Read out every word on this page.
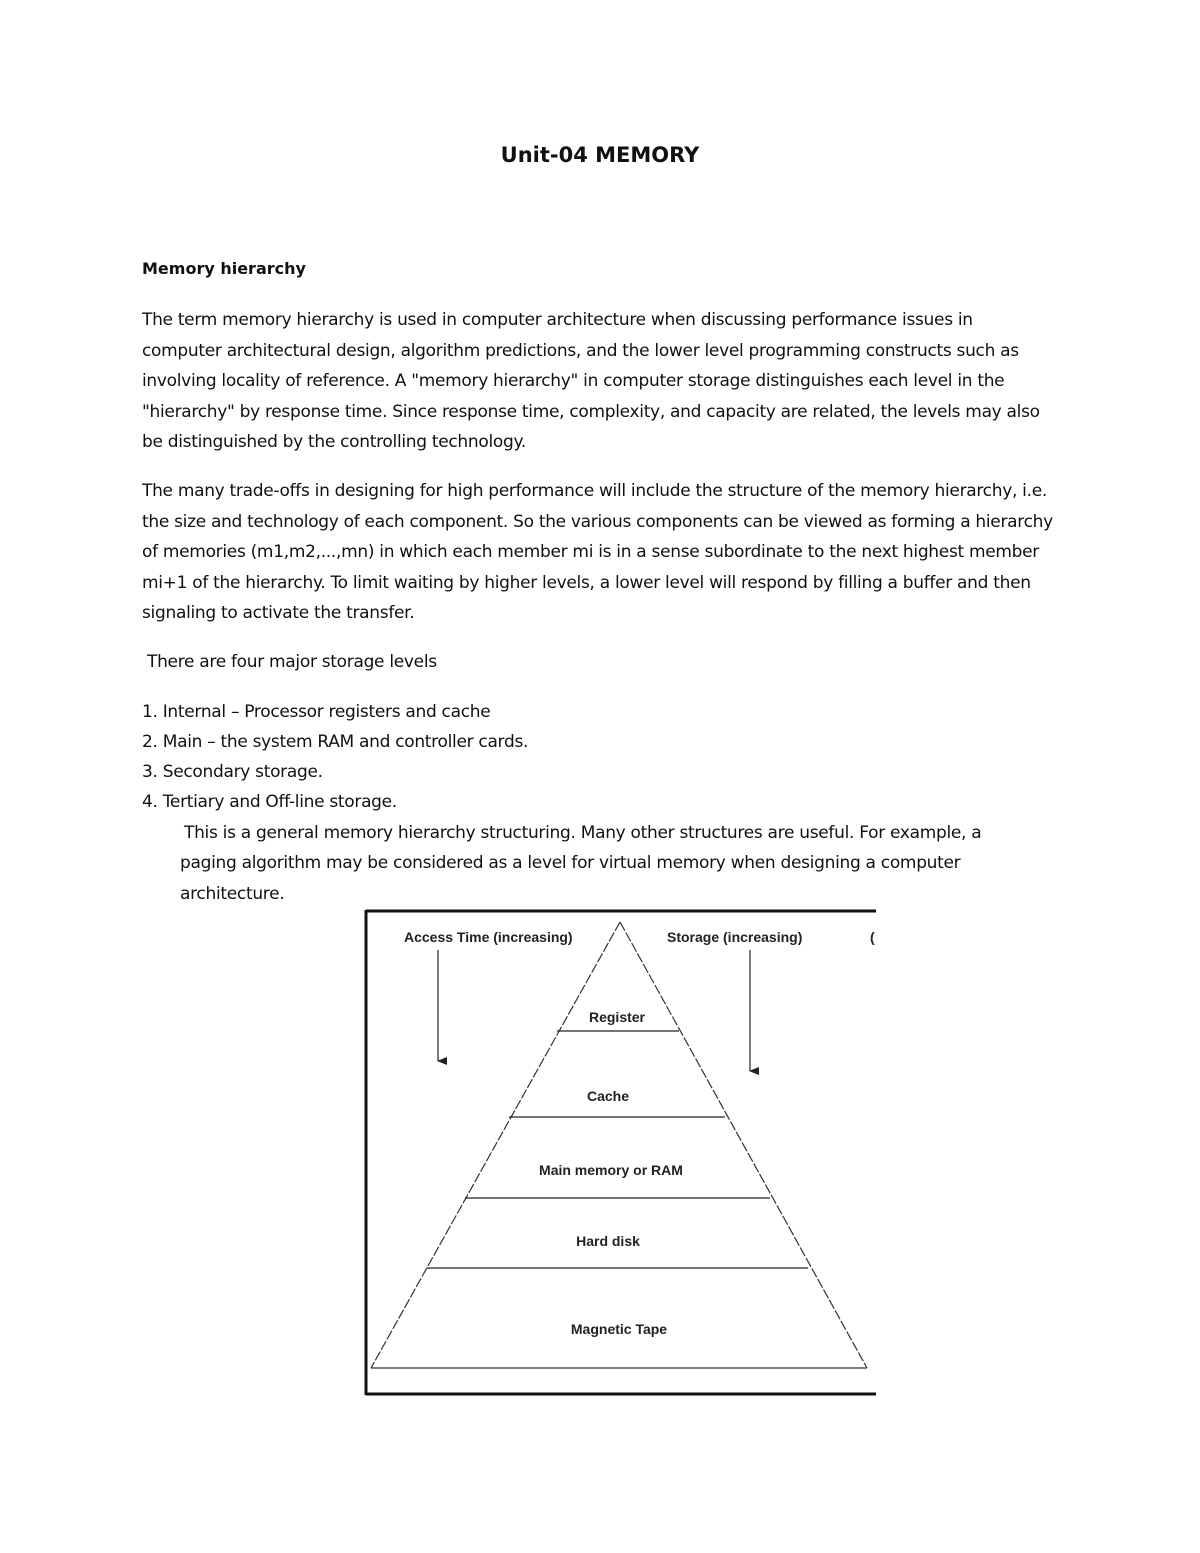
Unit-04 MEMORY
Memory hierarchy

The term memory hierarchy is used in computer architecture when discussing performance issues in computer architectural design, algorithm predictions, and the lower level programming constructs such as involving locality of reference. A "memory hierarchy" in computer storage distinguishes each level in the "hierarchy" by response time. Since response time, complexity, and capacity are related, the levels may also be distinguished by the controlling technology.

The many trade-offs in designing for high performance will include the structure of the memory hierarchy, i.e. the size and technology of each component. So the various components can be viewed as forming a hierarchy of memories (m1,m2,...,mn) in which each member mi is in a sense subordinate to the next highest member mi+1 of the hierarchy. To limit waiting by higher levels, a lower level will respond by filling a buffer and then signaling to activate the transfer.

There are four major storage levels

1. Internal – Processor registers and cache

2. Main – the system RAM and controller cards.

3. Secondary storage.

4. Tertiary and Off-line storage.

This is a general memory hierarchy structuring. Many other structures are useful. For example, a

paging algorithm may be considered as a level for virtual memory when designing a computer

architecture.

Access Time (increasing)	Storage (increasing)	(
Register
Cache
Main memory or RAM
Hard disk
Magnetic Tape
